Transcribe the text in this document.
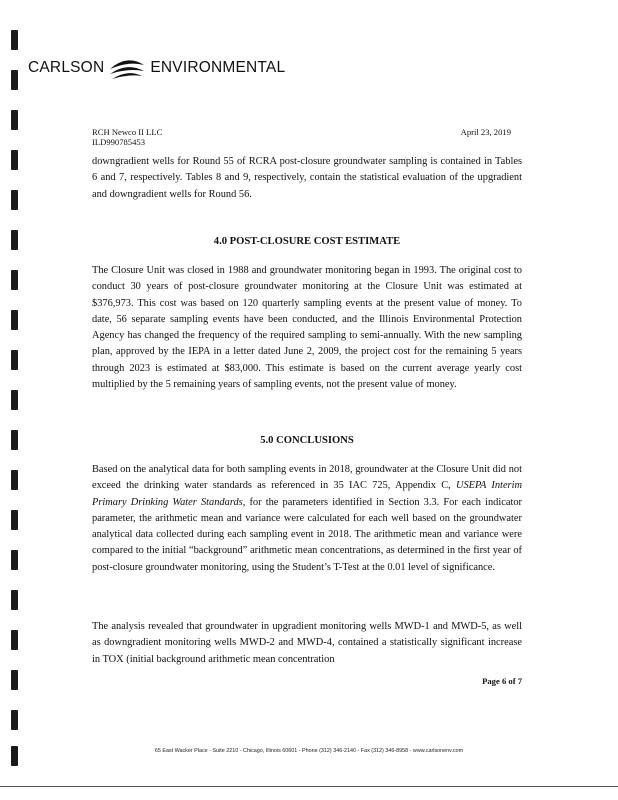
CARLSON	ENVIRONMENTAL
RCH Newco II LLC
ILD990785453
April 23, 2019

downgradient wells for Round 55 of RCRA post-closure groundwater sampling is contained in Tables 6 and 7, respectively. Tables 8 and 9, respectively, contain the statistical evaluation of the upgradient and downgradient wells for Round 56.

4.0 POST-CLOSURE COST ESTIMATE

The Closure Unit was closed in 1988 and groundwater monitoring began in 1993. The original cost to conduct 30 years of post-closure groundwater monitoring at the Closure Unit was estimated at $376,973. This cost was based on 120 quarterly sampling events at the present value of money. To date, 56 separate sampling events have been conducted, and the Illinois Environmental Protection Agency has changed the frequency of the required sampling to semi-annually. With the new sampling plan, approved by the IEPA in a letter dated June 2, 2009, the project cost for the remaining 5 years through 2023 is estimated at $83,000. This estimate is based on the current average yearly cost multiplied by the 5 remaining years of sampling events, not the present value of money.

5.0 CONCLUSIONS

Based on the analytical data for both sampling events in 2018, groundwater at the Closure Unit did not exceed the drinking water standards as referenced in 35 IAC 725, Appendix C, USEPA Interim Primary Drinking Water Standards, for the parameters identified in Section 3.3. For each indicator parameter, the arithmetic mean and variance were calculated for each well based on the groundwater analytical data collected during each sampling event in 2018. The arithmetic mean and variance were compared to the initial “background” arithmetic mean concentrations, as determined in the first year of post-closure groundwater monitoring, using the Student’s T-Test at the 0.01 level of significance.

The analysis revealed that groundwater in upgradient monitoring wells MWD-1 and MWD-5, as well as downgradient monitoring wells MWD-2 and MWD-4, contained a statistically significant increase in TOX (initial background arithmetic mean concentration

Page 6 of 7
65 East Wacker Place - Suite 2210 - Chicago, Illinois 60601 - Phone (312) 346-2140 - Fax (312) 346-8958 - www.carlsonenv.com
